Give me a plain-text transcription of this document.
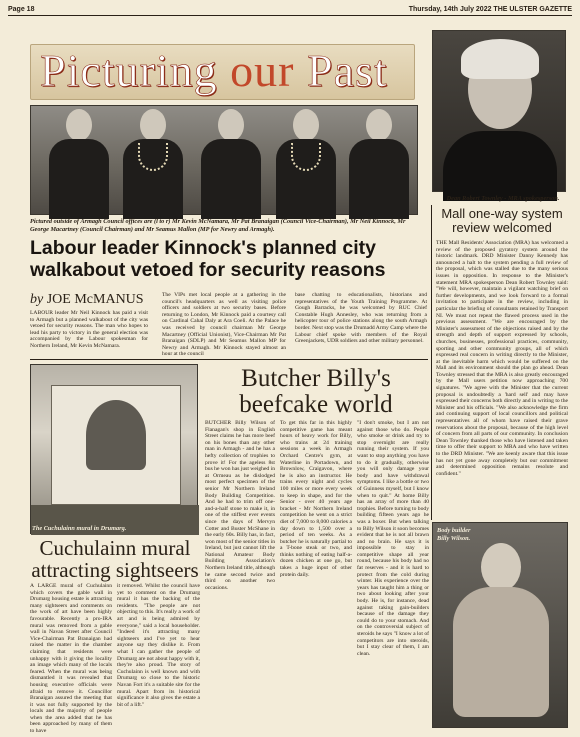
Page 18	Thursday, 14th July 2022 THE ULSTER GAZETTE
Picturing our Past
Pictured outside of Armagh Council offices are (l to r) Mr Kevin McNamara, Mr Pat Branaigan (Council Vice-Chairman), Mr Neil Kinnock, Mr George Macartney (Council Chairman) and Mr Seamus Mallon (MP for Newry and Armagh).
Dean Robert Townley - MRA spokesperson.
Labour leader Kinnock's planned city walkabout vetoed for security reasons
by JOE McMANUS
LABOUR leader Mr Neil Kinnock has paid a visit to Armagh but a planned walkabout of the city was vetoed for security reasons. The man who hopes to lead his party to victory in the general election was accompanied by the Labour spokesman for Northern Ireland, Mr Kevin McNamara.
The VIPs met local people at a gathering in the council's headquarters as well as visiting police officers and soldiers at two security bases. Before returning to London, Mr Kinnock paid a courtesy call on Cardinal Cahal Daly at Ara Coeli. At the Palace he was received by council chairman Mr George Macartney (Official Unionist), Vice-Chairman Mr Pat Branaigan (SDLP) and Mr Seamus Mallon MP for Newry and Armagh. Mr Kinnock stayed almost an hour at the council
base chatting to educationalists, historians and representatives of the Youth Training Programme. At Gough Barracks, he was welcomed by RUC Chief Constable Hugh Annesley, who was returning from a helicopter tour of police stations along the south Armagh border. Next stop was the Drumadd Army Camp where the Labour chief spoke with members of the Royal Greenjackets, UDR soldiers and other military personnel.
The Cuchulainn mural in Drumarg.
Butcher Billy's
beefcake world
BUTCHER Billy Wilson of Flanagan's shop in English Street claims he has more beef on his bones than any other man in Armagh - and he has a hefty collection of trophies to prove it! For the ageless 8st bus he won has just weighed in at Ormeau as he dislodged most perfect specimen of the senior Mr Northern Ireland Body Building Competition. And he had to trim off one-and-a-half stone to make it, in one of the stiffest ever events since the days of Mervyn Cotter and Buster McShane in the early 60s. Billy has, in fact, won most of the senior titles in Ireland, but just cannot lift the National Amateur Body Building Association's Northern Ireland title, although he came second twice and third on another two occasions.
To get this far in this highly competitive game has meant hours of heavy work for Billy, who trains at 24 training sessions a week in Armagh Orchard Centre's gym, at Waterline in Portadown, and Brownlow, Craigavon, where he is also an instructor. He trains every night and cycles 100 miles or more every week to keep in shape, and for the Senior - over 40 years age bracket - Mr Northern Ireland competition he went on a strict diet of 7,000 to 8,000 calories a day down to 1,500 over a period of ten weeks. As a butcher he is naturally partial to a T-bone steak or two, and thinks nothing of eating half-a-dozen chicken at one go, but takes a huge input of other protein daily.
"I don't smoke, but I am not against those who do. People who smoke or drink and try to stop overnight are really running their system. If you want to stop anything you have to do it gradually, otherwise you will only damage your body and have withdrawal symptoms. I like a bottle or two of Guinness myself, but I know when to quit." At home Billy has an array of more than 40 trophies. Before turning to body building fifteen years ago he was a boxer. But when talking to Billy Wilson it soon becomes evident that he is not all brawn and no brain. He says it is impossible to stay in competitive shape all year round, because his body had no fat reserves - and it is hard to protect from the cold during winter. His experience over the years has taught him a thing or two about looking after your body. He is, for instance, dead against taking gain-builders because of the damage they could do to your stomach. And on the controversial subject of steroids he says "I know a lot of competitors are into steroids, but I stay clear of them, I am clean.
Cuchulainn mural
attracting sightseers
A LARGE mural of Cuchulainn which covers the gable wall in Drumarg housing estate is attracting many sightseers and comments on the work of art have been highly favourable. Recently a pro-IRA mural was removed from a gable wall in Navan Street after Council Vice-Chairman Pat Branaigan had raised the matter in the chamber claiming that residents were unhappy with it giving the locality an image which many of the locals feared. When the mural was being dismantled it was revealed that housing executive officials were afraid to remove it. Councillor Branaigan assured the meeting that it was not fully supported by the locals and the majority of people when the area added that he has been approached by many of them to have
it removed. Whilst the council have yet to comment on the Drumarg mural it has the backing of the residents. "The people are not objecting to this. It's really a work of art and is being admired by everyone," said a local householder. "Indeed it's attracting many sightseers and I've yet to hear anyone say they dislike it. From what I can gather the people of Drumarg are not about happy with it, they're also proud. The story of Cuchulainn is well known and with Drumarg so close to the historic Navan Fort it's a suitable site for the mural. Apart from its historical significance it also gives the estate a bit of a lift."
Mall one-way system review welcomed
THE Mall Residents' Association (MRA) has welcomed a review of the proposed gyratory system around the historic landmark. DRD Minister Danny Kennedy has announced a halt to the system pending a full review of the proposal, which was stalled due to the many serious issues in opposition. In response to the Minister's statement MRA spokesperson Dean Robert Townley said: "We will, however, maintain a vigilant watching brief on further developments, and we look forward to a formal invitation to participate in the review, including in particular the briefing of consultants retained by Transport NI. We must not repeat the flawed process used in the previous assessment. "We are encouraged by the Minister's assessment of the objections raised and by the strength and depth of support expressed by schools, churches, businesses, professional practices, community, sporting and other community groups, all of which expressed real concern in writing directly to the Minister, at the inevitable harm which would be suffered on the Mall and its environment should the plan go ahead. Dean Townley stressed that the MRA is also greatly encouraged by the Mall users petition now approaching 700 signatures. "We agree with the Minister that the current proposal is undoubtedly a 'hard sell' and may have expressed their concerns both directly and in writing to the Minister and his officials. "We also acknowledge the firm and continuing support of local councillors and political representatives all of whom have raised their grave reservations about the proposal, because of the high level of concern from all parts of our community. In conclusion Dean Townley thanked those who have listened and taken time to offer their support to MRA and who have written to the DRD Minister. "We are keenly aware that this issue has not yet gone away completely but our commitment and determined opposition remains resolute and confident."
Body builder
Billy Wilson.
